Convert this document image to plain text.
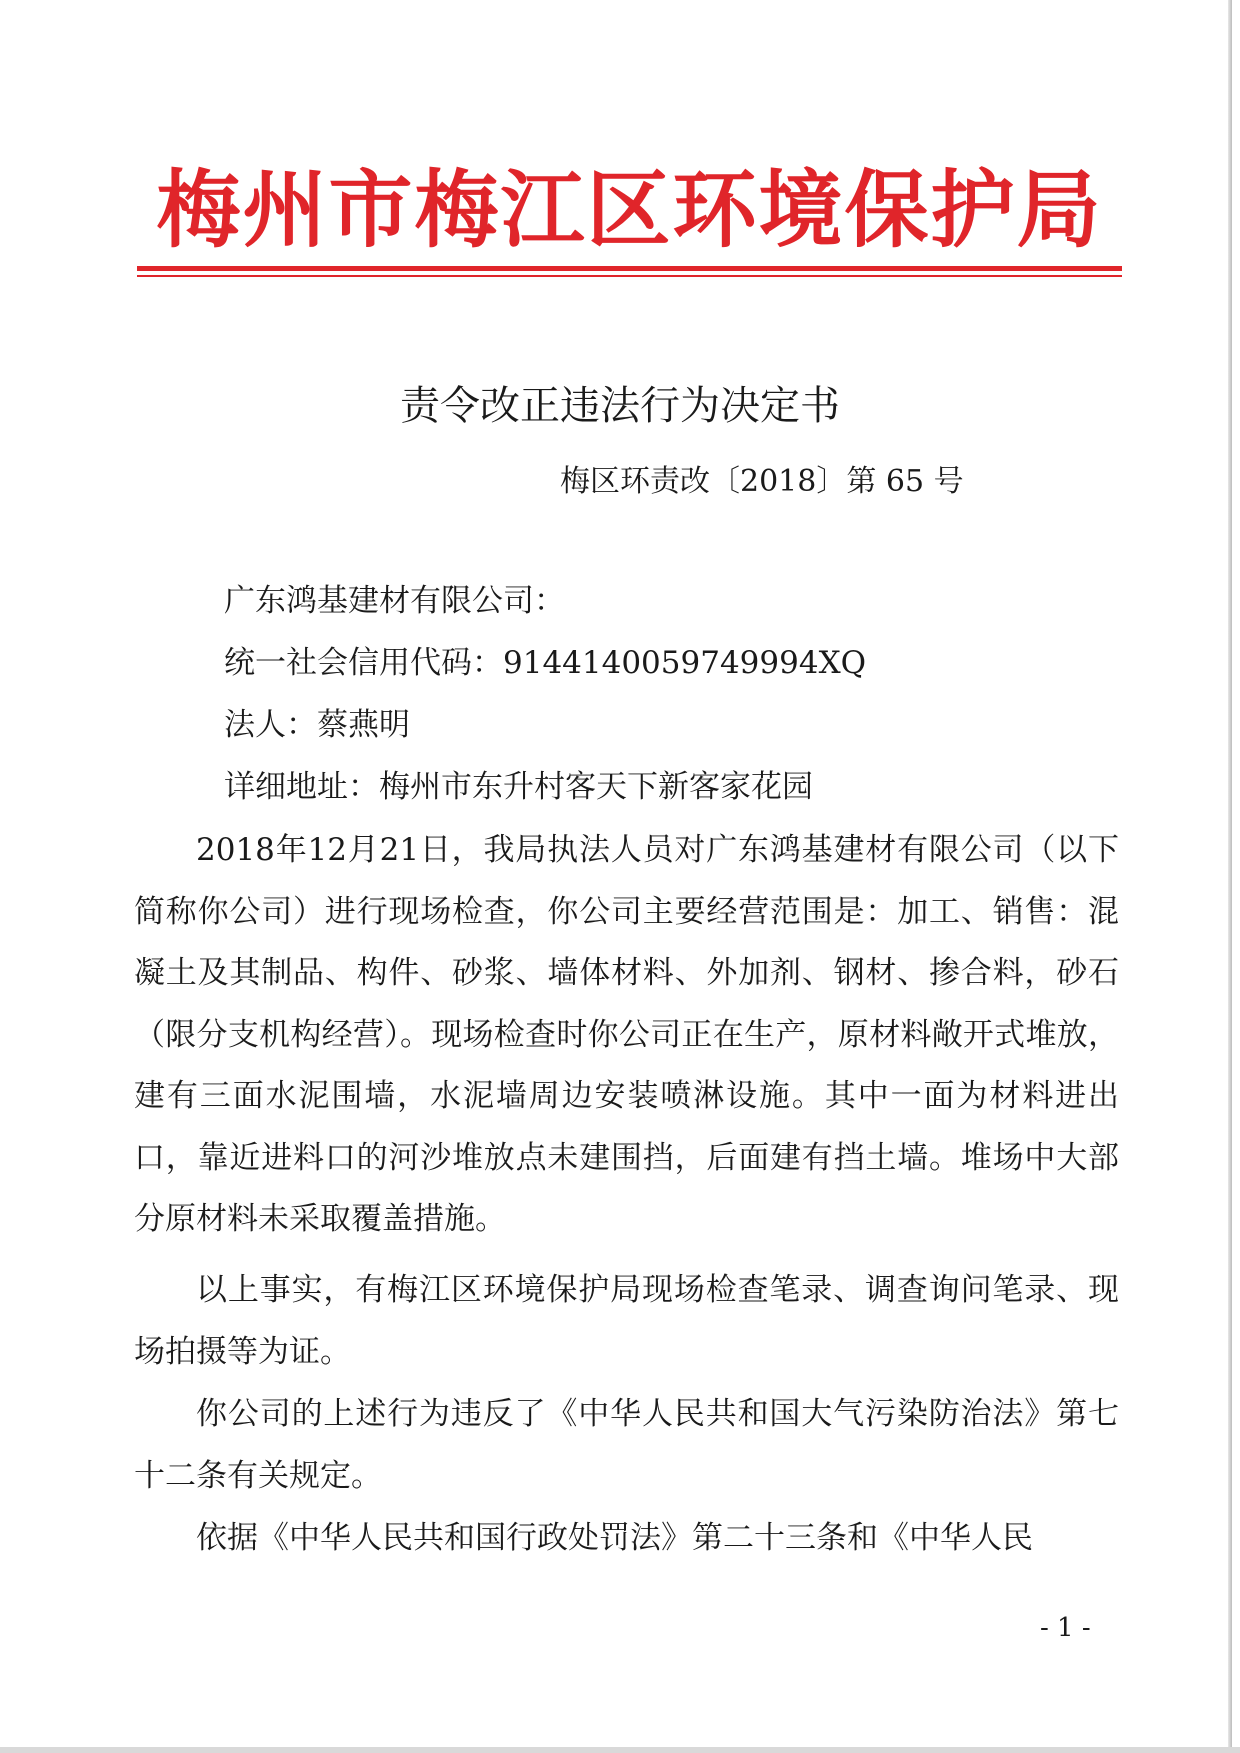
梅州市梅江区环境保护局
责令改正违法行为决定书
梅区环责改〔2018〕第 65 号

广东鸿基建材有限公司：

统一社会信用代码：9144140059749994XQ

法人：蔡燕明

详细地址：梅州市东升村客天下新客家花园

2018年12月21日，我局执法人员对广东鸿基建材有限公司（以下简称你公司）进行现场检查，你公司主要经营范围是：加工、销售：混凝土及其制品、构件、砂浆、墙体材料、外加剂、钢材、掺合料，砂石（限分支机构经营）。现场检查时你公司正在生产，原材料敞开式堆放，建有三面水泥围墙，水泥墙周边安装喷淋设施。其中一面为材料进出口，靠近进料口的河沙堆放点未建围挡，后面建有挡土墙。堆场中大部分原材料未采取覆盖措施。

以上事实，有梅江区环境保护局现场检查笔录、调查询问笔录、现场拍摄等为证。

你公司的上述行为违反了《中华人民共和国大气污染防治法》第七十二条有关规定。

依据《中华人民共和国行政处罚法》第二十三条和《中华人民

- 1 -
